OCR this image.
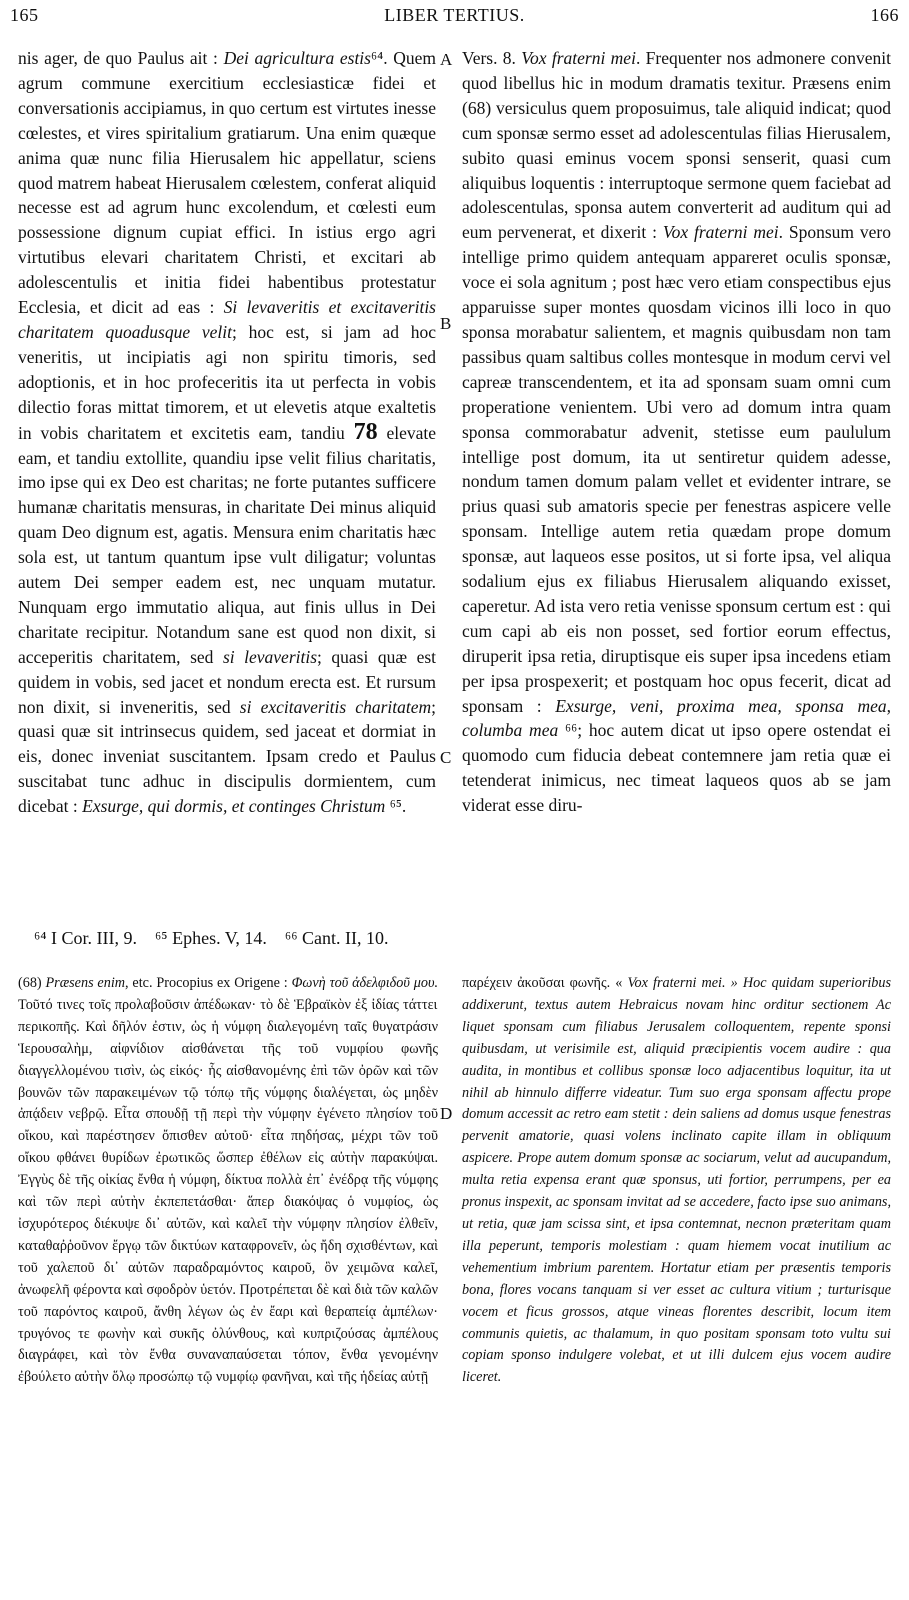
165	LIBER TERTIUS.	166
A
B
C
D

nis ager, de quo Paulus ait : Dei agricultura estis⁶⁴. Quem agrum commune exercitium ecclesiasticæ fidei et conversationis accipiamus, in quo certum est virtutes inesse cœlestes, et vires spiritalium gratiarum. Una enim quæque anima quæ nunc filia Hierusalem hic appellatur, sciens quod matrem habeat Hierusalem cœlestem, conferat aliquid necesse est ad agrum hunc excolendum, et cœlesti eum possessione dignum cupiat effici. In istius ergo agri virtutibus elevari charitatem Christi, et excitari ab adolescentulis et initia fidei habentibus protestatur Ecclesia, et dicit ad eas : Si levaveritis et excitaveritis charitatem quoadusque velit; hoc est, si jam ad hoc veneritis, ut incipiatis agi non spiritu timoris, sed adoptionis, et in hoc profeceritis ita ut perfecta in vobis dilectio foras mittat timorem, et ut elevetis atque exaltetis in vobis charitatem et excitetis eam, tandiu 78 elevate eam, et tandiu extollite, quandiu ipse velit filius charitatis, imo ipse qui ex Deo est charitas; ne forte putantes sufficere humanæ charitatis mensuras, in charitate Dei minus aliquid quam Deo dignum est, agatis. Mensura enim charitatis hæc sola est, ut tantum quantum ipse vult diligatur; voluntas autem Dei semper eadem est, nec unquam mutatur. Nunquam ergo immutatio aliqua, aut finis ullus in Dei charitate recipitur. Notandum sane est quod non dixit, si acceperitis charitatem, sed si levaveritis; quasi quæ est quidem in vobis, sed jacet et nondum erecta est. Et rursum non dixit, si inveneritis, sed si excitaveritis charitatem; quasi quæ sit intrinsecus quidem, sed jaceat et dormiat in eis, donec inveniat suscitantem. Ipsam credo et Paulus suscitabat tunc adhuc in discipulis dormientem, cum dicebat : Exsurge, qui dormis, et continges Christum ⁶⁵.

Vers. 8. Vox fraterni mei. Frequenter nos admonere convenit quod libellus hic in modum dramatis texitur. Præsens enim (68) versiculus quem proposuimus, tale aliquid indicat; quod cum sponsæ sermo esset ad adolescentulas filias Hierusalem, subito quasi eminus vocem sponsi senserit, quasi cum aliquibus loquentis : interruptoque sermone quem faciebat ad adolescentulas, sponsa autem converterit ad auditum qui ad eum pervenerat, et dixerit : Vox fraterni mei. Sponsum vero intellige primo quidem antequam appareret oculis sponsæ, voce ei sola agnitum ; post hæc vero etiam conspectibus ejus apparuisse super montes quosdam vicinos illi loco in quo sponsa morabatur salientem, et magnis quibusdam non tam passibus quam saltibus colles montesque in modum cervi vel capreæ transcendentem, et ita ad sponsam suam omni cum properatione venientem. Ubi vero ad domum intra quam sponsa commorabatur advenit, stetisse eum paululum intellige post domum, ita ut sentiretur quidem adesse, nondum tamen domum palam vellet et evidenter intrare, se prius quasi sub amatoris specie per fenestras aspicere velle sponsam. Intellige autem retia quædam prope domum sponsæ, aut laqueos esse positos, ut si forte ipsa, vel aliqua sodalium ejus ex filiabus Hierusalem aliquando exisset, caperetur. Ad ista vero retia venisse sponsum certum est : qui cum capi ab eis non posset, sed fortior eorum effectus, diruperit ipsa retia, diruptisque eis super ipsa incedens etiam per ipsa prospexerit; et postquam hoc opus fecerit, dicat ad sponsam : Exsurge, veni, proxima mea, sponsa mea, columba mea ⁶⁶; hoc autem dicat ut ipso opere ostendat ei quomodo cum fiducia debeat contemnere jam retia quæ ei tetenderat inimicus, nec timeat laqueos quos ab se jam viderat esse diru-

⁶⁴ I Cor. III, 9.    ⁶⁵ Ephes. V, 14.    ⁶⁶ Cant. II, 10.

(68) Præsens enim, etc. Procopius ex Origene : Φωνὴ τοῦ ἀδελφιδοῦ μου. Τοῦτό τινες τοῖς προλαβοῦσιν ἀπέδωκαν· τὸ δὲ Ἑβραϊκὸν ἐξ ἰδίας τάττει περικοπῆς. Καὶ δῆλόν ἐστιν, ὡς ἡ νύμφη διαλεγομένη ταῖς θυγατράσιν Ἱερουσαλὴμ, αἰφνίδιον αἰσθάνεται τῆς τοῦ νυμφίου φωνῆς διαγγελλομένου τισὶν, ὡς εἰκός· ἧς αἰσθανομένης ἐπὶ τῶν ὀρῶν καὶ τῶν βουνῶν τῶν παρακειμένων τῷ τόπῳ τῆς νύμφης διαλέγεται, ὡς μηδὲν ἀπᾴδειν νεβρῷ. Εἶτα σπουδῇ τῇ περὶ τὴν νύμφην ἐγένετο πλησίον τοῦ οἴκου, καὶ παρέστησεν ὄπισθεν αὐτοῦ· εἶτα πηδήσας, μέχρι τῶν τοῦ οἴκου φθάνει θυρίδων ἐρωτικῶς ὥσπερ ἐθέλων εἰς αὐτὴν παρακύψαι. Ἐγγὺς δὲ τῆς οἰκίας ἔνθα ἡ νύμφη, δίκτυα πολλὰ ἐπ᾽ ἐνέδρᾳ τῆς νύμφης καὶ τῶν περὶ αὐτὴν ἐκπεπετάσθαι· ἅπερ διακόψας ὁ νυμφίος, ὡς ἰσχυρότερος διέκυψε δι᾽ αὐτῶν, καὶ καλεῖ τὴν νύμφην πλησίον ἐλθεῖν, καταθαῤῥοῦνον ἔργῳ τῶν δικτύων καταφρονεῖν, ὡς ἤδη σχισθέντων, καὶ τοῦ χαλεποῦ δι᾽ αὐτῶν παραδραμόντος καιροῦ, ὃν χειμῶνα καλεῖ, ἀνωφελῆ φέροντα καὶ σφοδρὸν ὑετόν. Προτρέπεται δὲ καὶ διὰ τῶν καλῶν τοῦ παρόντος καιροῦ, ἄνθη λέγων ὡς ἐν ἔαρι καὶ θεραπείᾳ ἀμπέλων· τρυγόνος τε φωνὴν καὶ συκῆς ὀλύνθους, καὶ κυπριζούσας ἀμπέλους διαγράφει, καὶ τὸν ἔνθα συναναπαύσεται τόπον, ἔνθα γενομένην ἐβούλετο αὐτὴν ὅλῳ προσώπῳ τῷ νυμφίῳ φανῆναι, καὶ τῆς ἡδείας αὐτῇ

παρέχειν ἀκοῦσαι φωνῆς. « Vox fraterni mei. » Hoc quidam superioribus addixerunt, textus autem Hebraicus novam hinc orditur sectionem Ac liquet sponsam cum filiabus Jerusalem colloquentem, repente sponsi quibusdam, ut verisimile est, aliquid præcipientis vocem audire : qua audita, in montibus et collibus sponsæ loco adjacentibus loquitur, ita ut nihil ab hinnulo differre videatur. Tum suo erga sponsam affectu prope domum accessit ac retro eam stetit : dein saliens ad domus usque fenestras pervenit amatorie, quasi volens inclinato capite illam in obliquum aspicere. Prope autem domum sponsæ ac sociarum, velut ad aucupandum, multa retia expensa erant quæ sponsus, uti fortior, perrumpens, per ea pronus inspexit, ac sponsam invitat ad se accedere, facto ipse suo animans, ut retia, quæ jam scissa sint, et ipsa contemnat, necnon præteritam quam illa peperunt, temporis molestiam : quam hiemem vocat inutilium ac vehementium imbrium parentem. Hortatur etiam per præsentis temporis bona, flores vocans tanquam si ver esset ac cultura vitium ; turturisque vocem et ficus grossos, atque vineas florentes describit, locum item communis quietis, ac thalamum, in quo positam sponsam toto vultu sui copiam sponso indulgere volebat, et ut illi dulcem ejus vocem audire liceret.
